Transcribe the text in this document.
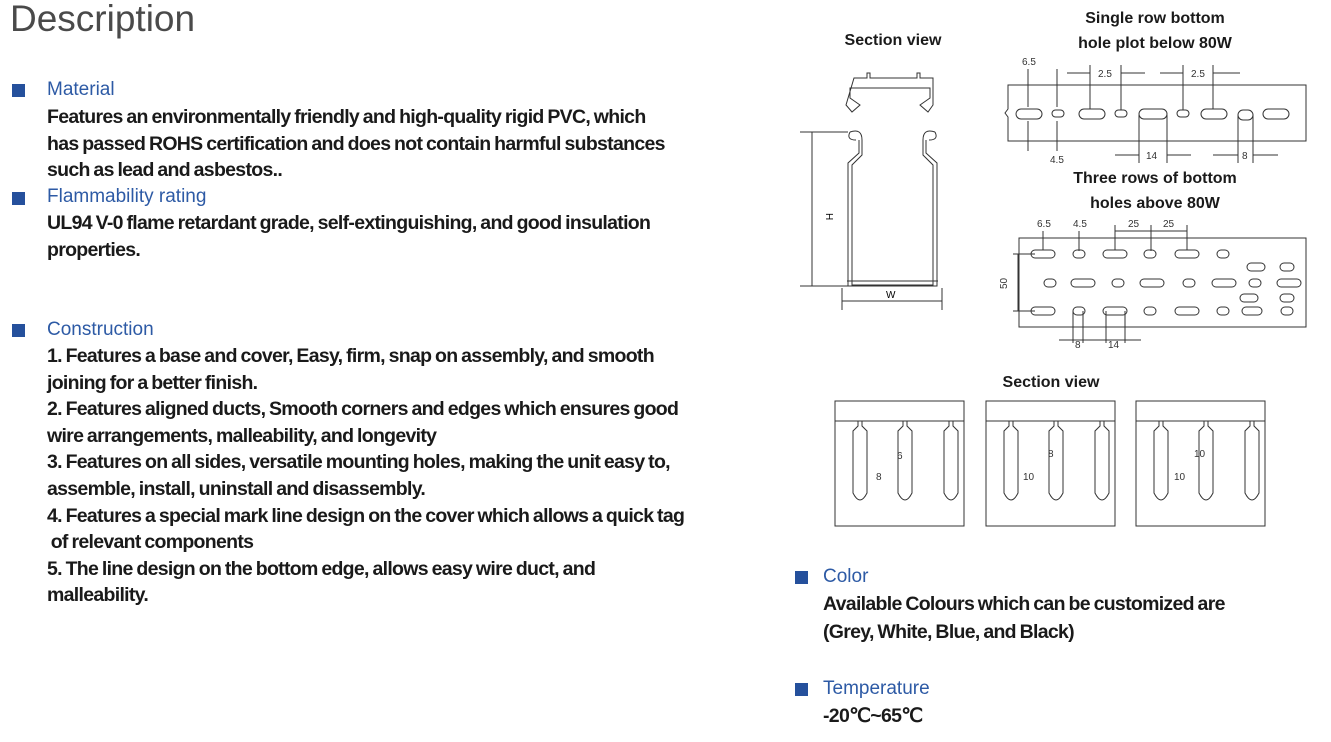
Description
Material
Features an environmentally friendly and high-quality rigid PVC, which
has passed ROHS certification and does not contain harmful substances
such as lead and asbestos..
Flammability rating
UL94 V-0 flame retardant grade, self-extinguishing, and good insulation
properties.
Construction
1. Features a base and cover, Easy, firm, snap on assembly, and smooth
joining for a better finish.
2. Features aligned ducts, Smooth corners and edges which ensures good
wire arrangements, malleability, and longevity
3. Features on all sides, versatile mounting holes, making the unit easy to,
assemble, install, uninstall and disassembly.
4. Features a special mark line design on the cover which allows a quick tag
of relevant components
5. The line design on the bottom edge, allows easy wire duct, and
malleability.
Color
Available Colours which can be customized are
(Grey, White, Blue, and Black)
Temperature
-20℃~65℃
Section view
Single row bottom
hole plot below 80W
Three rows of bottom
holes above 80W
Section view
H
W
6.5
4.5
2.5	2.5
14	8
6.5 4.5	25 25
50
8	14
6
8
8
10
10
10
